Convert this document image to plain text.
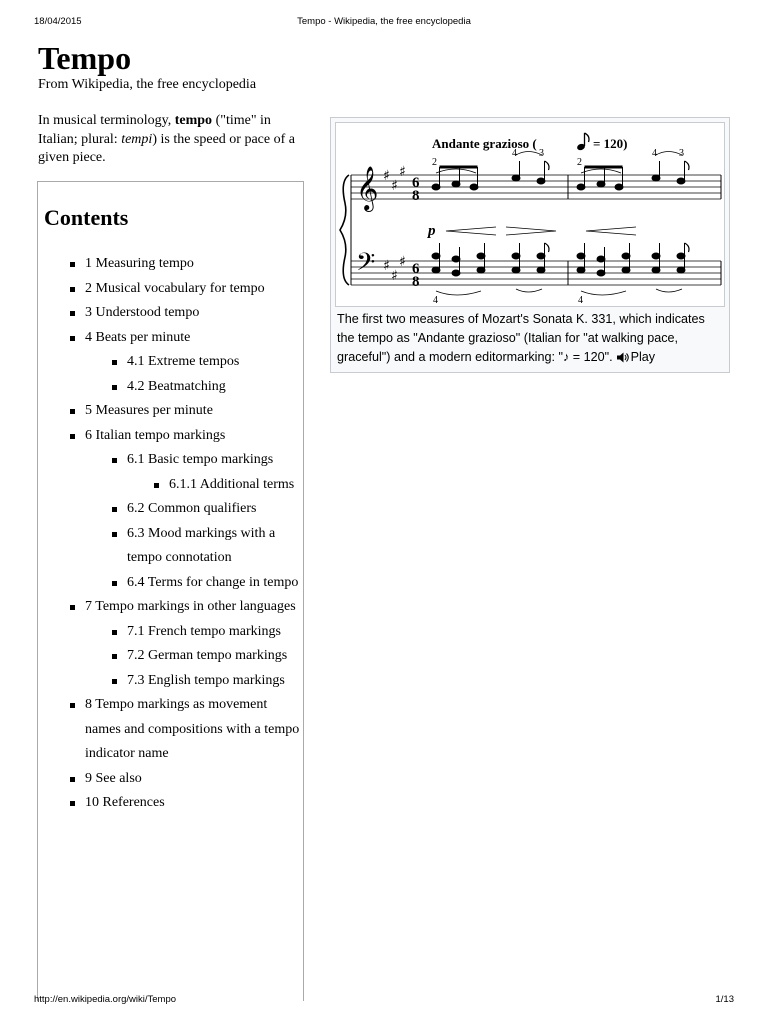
18/04/2015	Tempo - Wikipedia, the free encyclopedia
Tempo
From Wikipedia, the free encyclopedia
In musical terminology, tempo ("time" in Italian; plural: tempi) is the speed or pace of a given piece.
Contents
1 Measuring tempo
2 Musical vocabulary for tempo
3 Understood tempo
4 Beats per minute
4.1 Extreme tempos
4.2 Beatmatching
5 Measures per minute
6 Italian tempo markings
6.1 Basic tempo markings
6.1.1 Additional terms
6.2 Common qualifiers
6.3 Mood markings with a tempo connotation
6.4 Terms for change in tempo
7 Tempo markings in other languages
7.1 French tempo markings
7.2 German tempo markings
7.3 English tempo markings
8 Tempo markings as movement names and compositions with a tempo indicator name
9 See also
10 References
Andante grazioso (	= 120)
𝄞
𝄢
♯
♯
♯
♯
♯
♯
6
8
6
8
2
4 3
2
4 3
p
4	4
The first two measures of Mozart's Sonata K. 331, which indicates the tempo as "Andante grazioso" (Italian for "at walking pace, graceful") and a modern editormarking: "♪ = 120". Play
http://en.wikipedia.org/wiki/Tempo	1/13
